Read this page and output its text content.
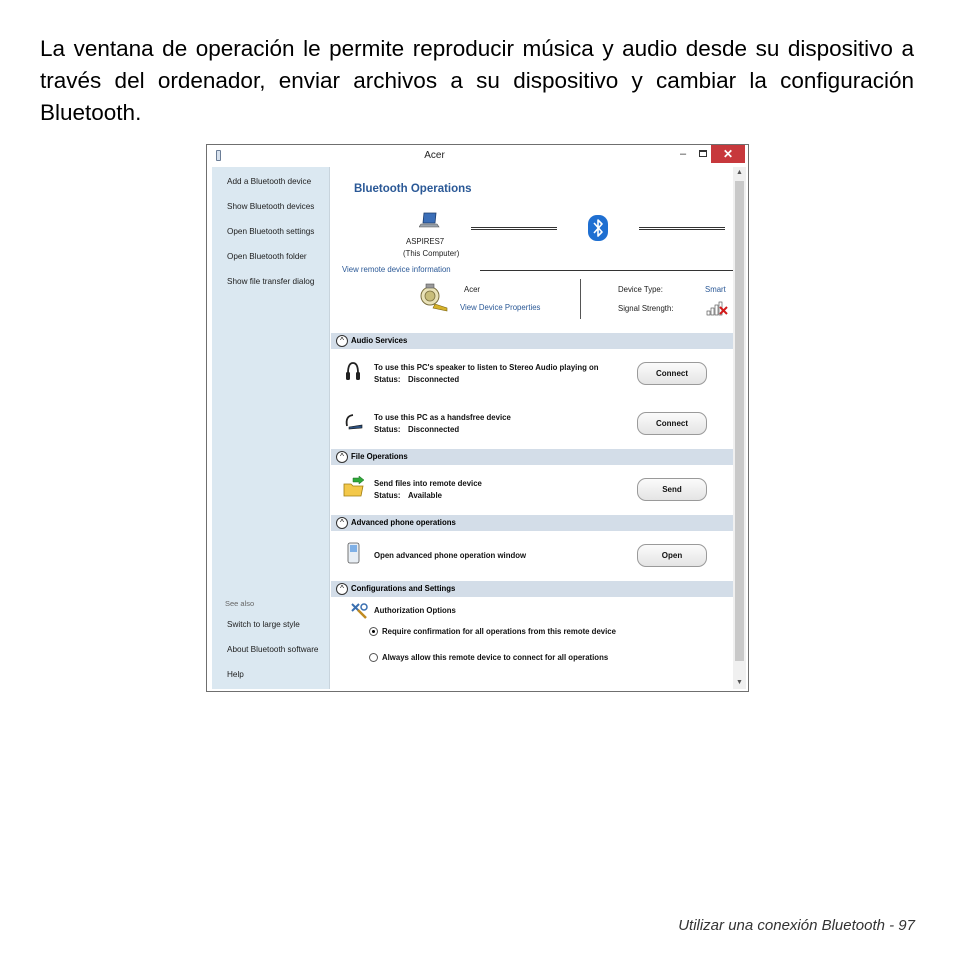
La ventana de operación le permite reproducir música y audio desde su dispositivo a través del ordenador, enviar archivos a su dispositivo y cambiar la configuración Bluetooth.
Acer	–	✕
Add a Bluetooth device
Show Bluetooth devices
Open Bluetooth settings
Open Bluetooth folder
Show file transfer dialog
See also
Switch to large style
About Bluetooth software
Help
Bluetooth Operations
ASPIRES7
(This Computer)
View remote device information
Acer
View Device Properties
Device Type:	Smart
Signal Strength:
^ Audio Services
To use this PC's speaker to listen to Stereo Audio playing on
Status: Disconnected
Connect
To use this PC as a handsfree device
Status: Disconnected
Connect
^ File Operations
Send files into remote device
Status: Available
Send
^ Advanced phone operations
Open advanced phone operation window	Open
^ Configurations and Settings
Authorization Options
Require confirmation for all operations from this remote device
Always allow this remote device to connect for all operations
▲
▼
Utilizar una conexión Bluetooth - 97
